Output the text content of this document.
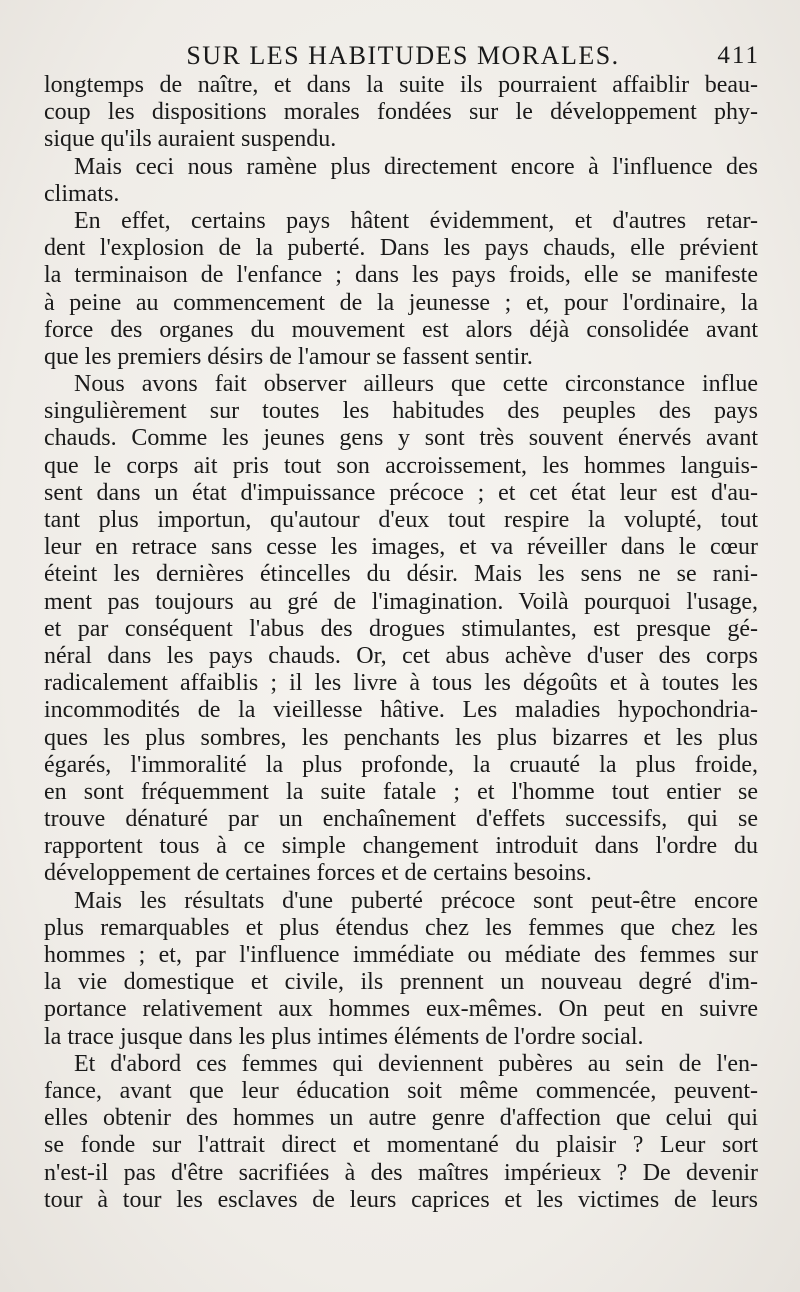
SUR LES HABITUDES MORALES.	411
longtemps de naître, et dans la suite ils pourraient affaiblir beau-
coup les dispositions morales fondées sur le développement phy-
sique qu'ils auraient suspendu.
Mais ceci nous ramène plus directement encore à l'influence des
climats.
En effet, certains pays hâtent évidemment, et d'autres retar-
dent l'explosion de la puberté. Dans les pays chauds, elle prévient
la terminaison de l'enfance ; dans les pays froids, elle se manifeste
à peine au commencement de la jeunesse ; et, pour l'ordinaire, la
force des organes du mouvement est alors déjà consolidée avant
que les premiers désirs de l'amour se fassent sentir.
Nous avons fait observer ailleurs que cette circonstance influe
singulièrement sur toutes les habitudes des peuples des pays
chauds. Comme les jeunes gens y sont très souvent énervés avant
que le corps ait pris tout son accroissement, les hommes languis-
sent dans un état d'impuissance précoce ; et cet état leur est d'au-
tant plus importun, qu'autour d'eux tout respire la volupté, tout
leur en retrace sans cesse les images, et va réveiller dans le cœur
éteint les dernières étincelles du désir. Mais les sens ne se rani-
ment pas toujours au gré de l'imagination. Voilà pourquoi l'usage,
et par conséquent l'abus des drogues stimulantes, est presque gé-
néral dans les pays chauds. Or, cet abus achève d'user des corps
radicalement affaiblis ; il les livre à tous les dégoûts et à toutes les
incommodités de la vieillesse hâtive. Les maladies hypochondria-
ques les plus sombres, les penchants les plus bizarres et les plus
égarés, l'immoralité la plus profonde, la cruauté la plus froide,
en sont fréquemment la suite fatale ; et l'homme tout entier se
trouve dénaturé par un enchaînement d'effets successifs, qui se
rapportent tous à ce simple changement introduit dans l'ordre du
développement de certaines forces et de certains besoins.
Mais les résultats d'une puberté précoce sont peut-être encore
plus remarquables et plus étendus chez les femmes que chez les
hommes ; et, par l'influence immédiate ou médiate des femmes sur
la vie domestique et civile, ils prennent un nouveau degré d'im-
portance relativement aux hommes eux-mêmes. On peut en suivre
la trace jusque dans les plus intimes éléments de l'ordre social.
Et d'abord ces femmes qui deviennent pubères au sein de l'en-
fance, avant que leur éducation soit même commencée, peuvent-
elles obtenir des hommes un autre genre d'affection que celui qui
se fonde sur l'attrait direct et momentané du plaisir ? Leur sort
n'est-il pas d'être sacrifiées à des maîtres impérieux ? De devenir
tour à tour les esclaves de leurs caprices et les victimes de leurs
